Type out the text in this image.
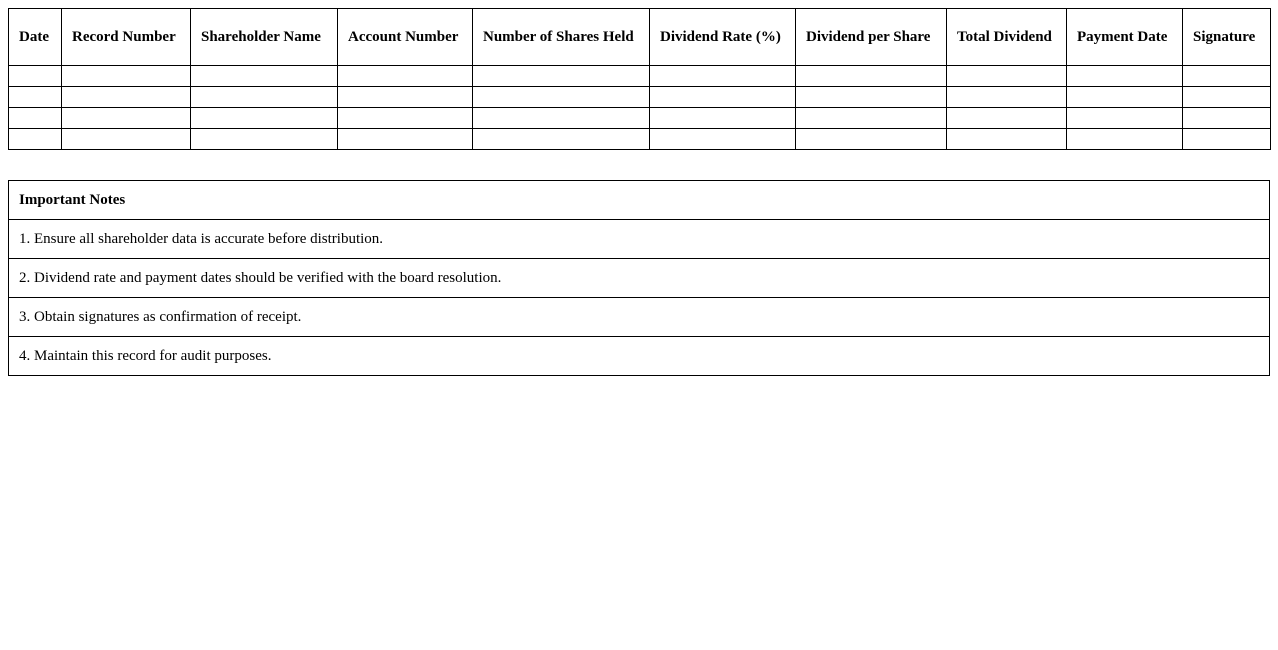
Date	Record Number	Shareholder Name	Account Number	Number of Shares Held	Dividend Rate (%)	Dividend per Share	Total Dividend	Payment Date	Signature

Important Notes
1. Ensure all shareholder data is accurate before distribution.
2. Dividend rate and payment dates should be verified with the board resolution.
3. Obtain signatures as confirmation of receipt.
4. Maintain this record for audit purposes.
